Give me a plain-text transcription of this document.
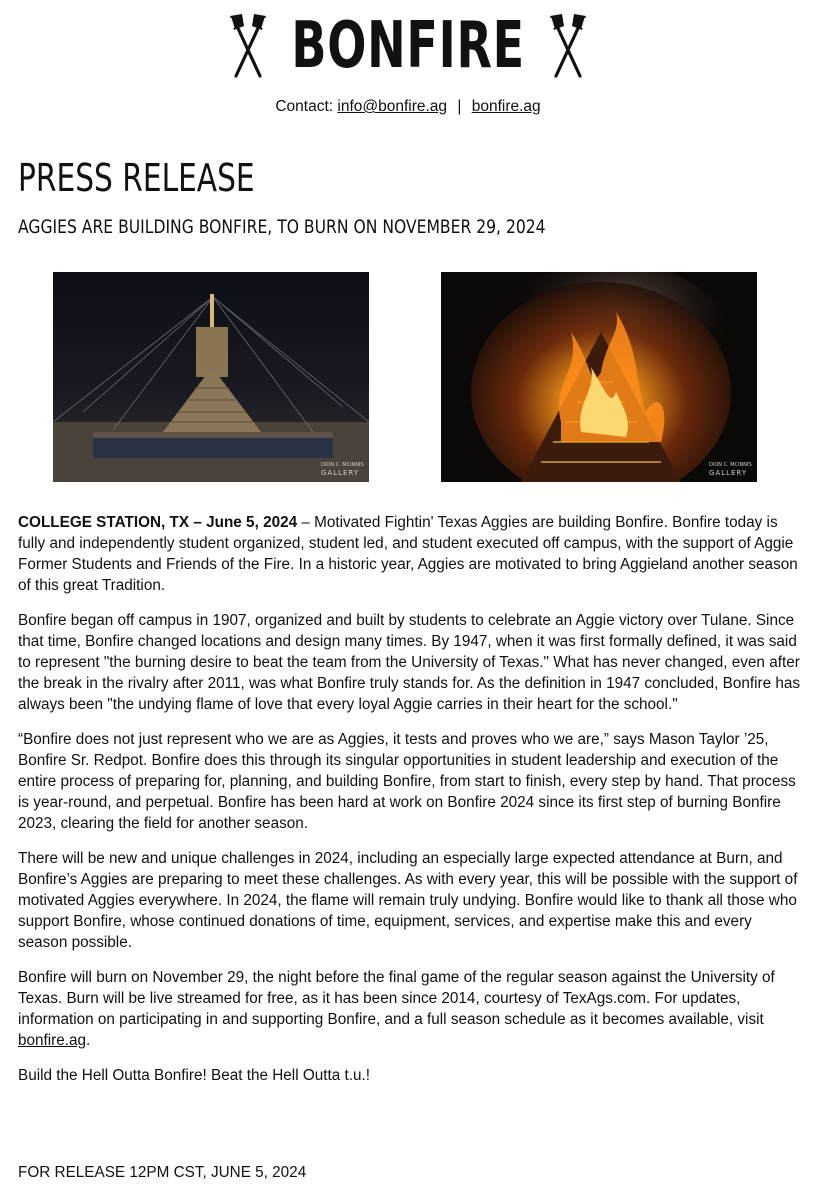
BONFIRE
Contact: info@bonfire.ag | bonfire.ag
PRESS RELEASE
AGGIES ARE BUILDING BONFIRE, TO BURN ON NOVEMBER 29, 2024
DION C. MCINNIS
GALLERY
DION C. MCINNIS
GALLERY

COLLEGE STATION, TX – June 5, 2024 – Motivated Fightin' Texas Aggies are building Bonfire. Bonfire today is fully and independently student organized, student led, and student executed off campus, with the support of Aggie Former Students and Friends of the Fire. In a historic year, Aggies are motivated to bring Aggieland another season of this great Tradition.

Bonfire began off campus in 1907, organized and built by students to celebrate an Aggie victory over Tulane. Since that time, Bonfire changed locations and design many times. By 1947, when it was first formally defined, it was said to represent "the burning desire to beat the team from the University of Texas." What has never changed, even after the break in the rivalry after 2011, was what Bonfire truly stands for. As the definition in 1947 concluded, Bonfire has always been "the undying flame of love that every loyal Aggie carries in their heart for the school."

“Bonfire does not just represent who we are as Aggies, it tests and proves who we are,” says Mason Taylor ’25, Bonfire Sr. Redpot. Bonfire does this through its singular opportunities in student leadership and execution of the entire process of preparing for, planning, and building Bonfire, from start to finish, every step by hand. That process is year-round, and perpetual. Bonfire has been hard at work on Bonfire 2024 since its first step of burning Bonfire 2023, clearing the field for another season.

There will be new and unique challenges in 2024, including an especially large expected attendance at Burn, and Bonfire’s Aggies are preparing to meet these challenges. As with every year, this will be possible with the support of motivated Aggies everywhere. In 2024, the flame will remain truly undying. Bonfire would like to thank all those who support Bonfire, whose continued donations of time, equipment, services, and expertise make this and every season possible.

Bonfire will burn on November 29, the night before the final game of the regular season against the University of Texas. Burn will be live streamed for free, as it has been since 2014, courtesy of TexAgs.com. For updates, information on participating in and supporting Bonfire, and a full season schedule as it becomes available, visit bonfire.ag.

Build the Hell Outta Bonfire! Beat the Hell Outta t.u.!

FOR RELEASE 12PM CST, JUNE 5, 2024
